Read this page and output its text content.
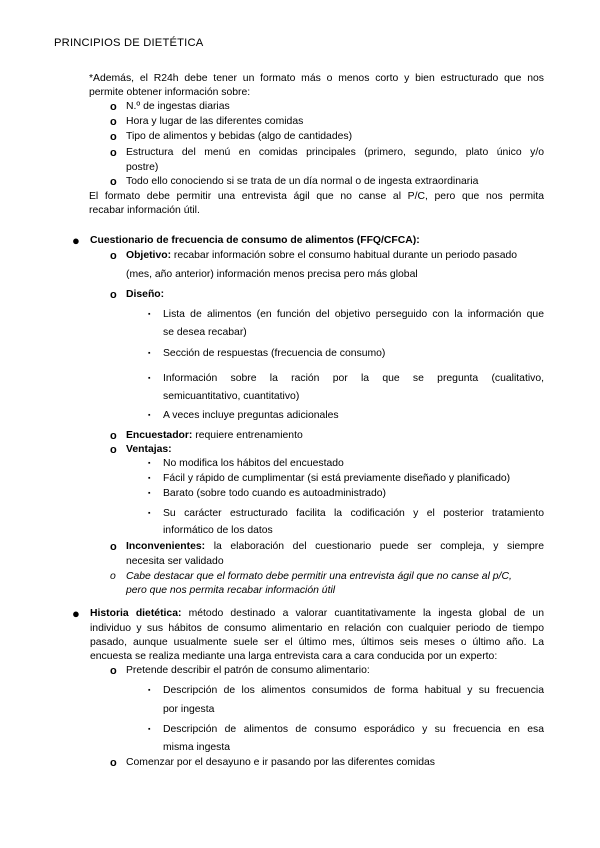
PRINCIPIOS DE DIETÉTICA
*Además, el R24h debe tener un formato más o menos corto y bien estructurado que nos
permite obtener información sobre:
o N.º de ingestas diarias
o Hora y lugar de las diferentes comidas
o Tipo de alimentos y bebidas (algo de cantidades)
o Estructura del menú en comidas principales (primero, segundo, plato único y/o
postre)
o Todo ello conociendo si se trata de un día normal o de ingesta extraordinaria
El formato debe permitir una entrevista ágil que no canse al P/C, pero que nos permita
recabar información útil.
● Cuestionario de frecuencia de consumo de alimentos (FFQ/CFCA):
o Objetivo: recabar información sobre el consumo habitual durante un periodo pasado
(mes, año anterior) información menos precisa pero más global
o Diseño:
▪ Lista de alimentos (en función del objetivo perseguido con la información que
se desea recabar)
▪ Sección de respuestas (frecuencia de consumo)
▪ Información sobre la ración por la que se pregunta (cualitativo,
semicuantitativo, cuantitativo)
▪ A veces incluye preguntas adicionales
o Encuestador: requiere entrenamiento
o Ventajas:
▪ No modifica los hábitos del encuestado
▪ Fácil y rápido de cumplimentar (si está previamente diseñado y planificado)
▪ Barato (sobre todo cuando es autoadministrado)
▪ Su carácter estructurado facilita la codificación y el posterior tratamiento
informático de los datos
o Inconvenientes: la elaboración del cuestionario puede ser compleja, y siempre
necesita ser validado
o Cabe destacar que el formato debe permitir una entrevista ágil que no canse al p/C,
pero que nos permita recabar información útil
● Historia dietética: método destinado a valorar cuantitativamente la ingesta global de un
individuo y sus hábitos de consumo alimentario en relación con cualquier periodo de tiempo
pasado, aunque usualmente suele ser el último mes, últimos seis meses o último año. La
encuesta se realiza mediante una larga entrevista cara a cara conducida por un experto:
o Pretende describir el patrón de consumo alimentario:
▪ Descripción de los alimentos consumidos de forma habitual y su frecuencia
por ingesta
▪ Descripción de alimentos de consumo esporádico y su frecuencia en esa
misma ingesta
o Comenzar por el desayuno e ir pasando por las diferentes comidas
